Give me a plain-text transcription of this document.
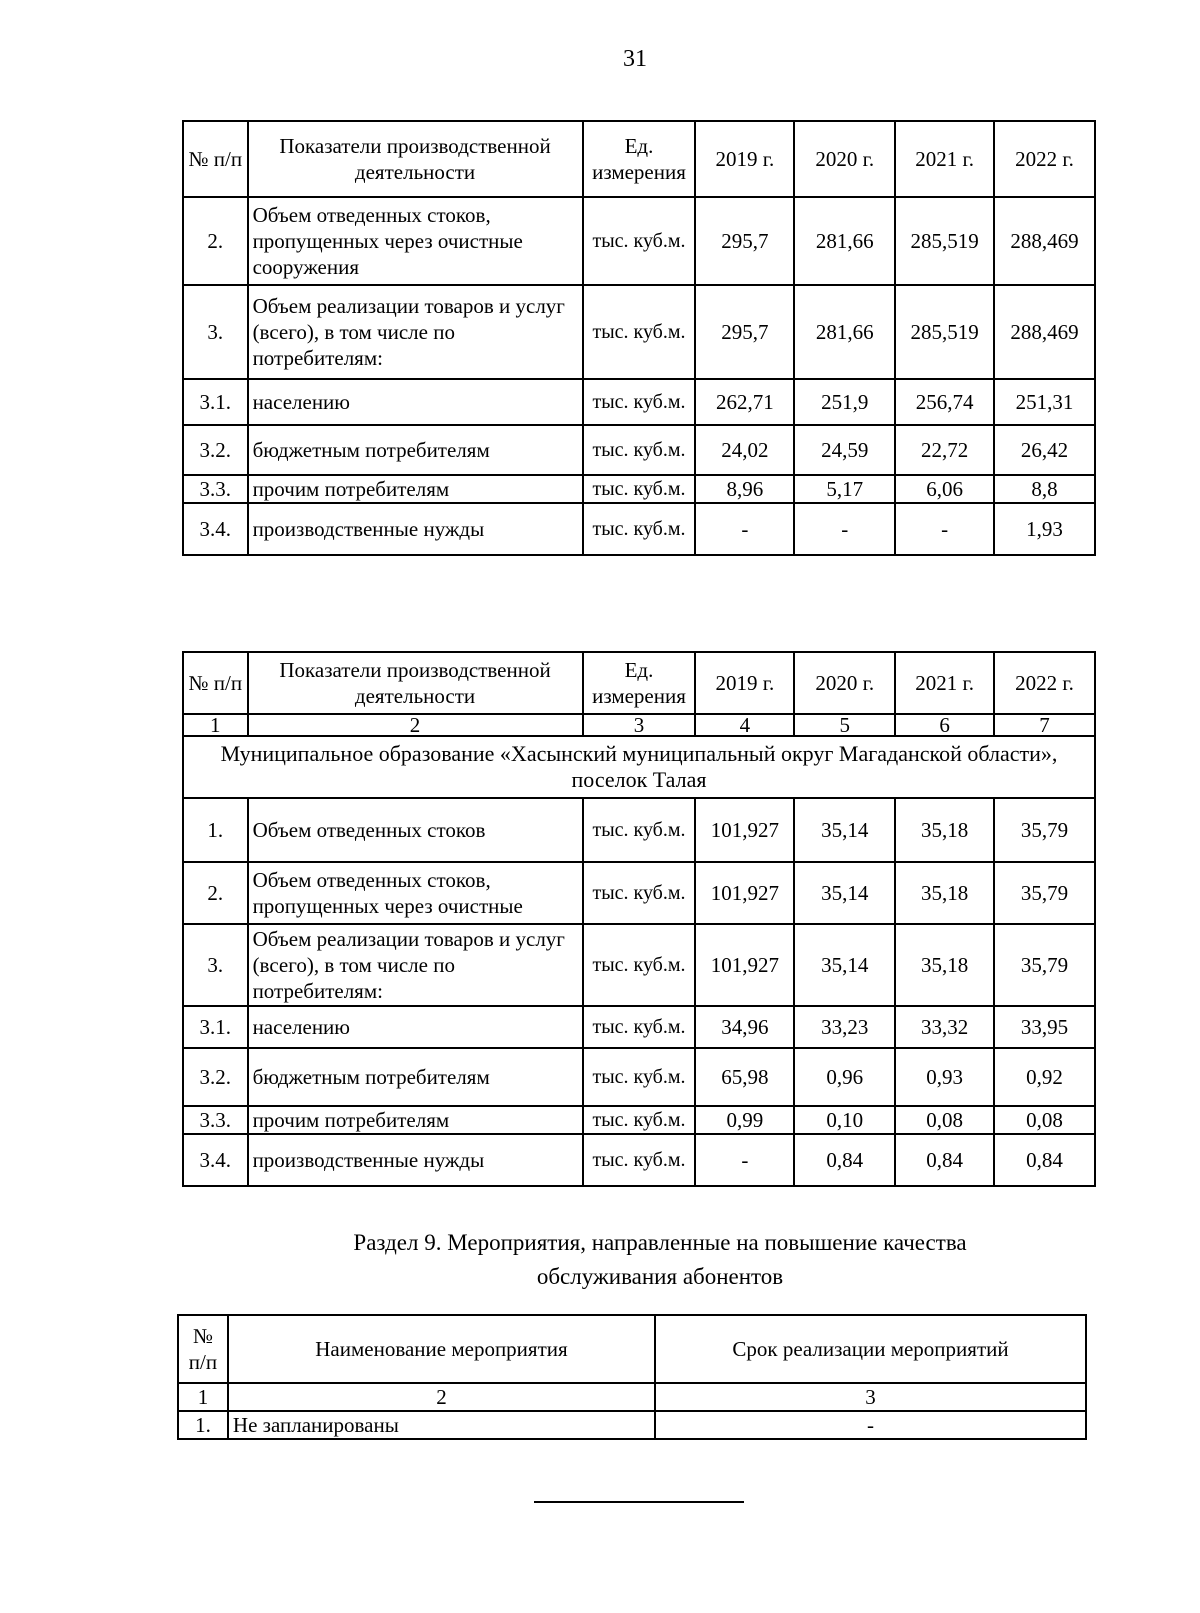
31
№ п/п	Показатели производственной деятельности	Ед. измерения	2019 г.	2020 г.	2021 г.	2022 г.
2.	Объем отведенных стоков, пропущенных через очистные сооружения	тыс. куб.м.	295,7	281,66	285,519	288,469
3.	Объем реализации товаров и услуг (всего), в том числе по потребителям:	тыс. куб.м.	295,7	281,66	285,519	288,469
3.1.	населению	тыс. куб.м.	262,71	251,9	256,74	251,31
3.2.	бюджетным потребителям	тыс. куб.м.	24,02	24,59	22,72	26,42
3.3.	прочим потребителям	тыс. куб.м.	8,96	5,17	6,06	8,8
3.4.	производственные нужды	тыс. куб.м.	-	-	-	1,93
№ п/п	Показатели производственной деятельности	Ед. измерения	2019 г.	2020 г.	2021 г.	2022 г.
1	2	3	4	5	6	7
Муниципальное образование «Хасынский муниципальный округ Магаданской области», поселок Талая						
1.	Объем отведенных стоков	тыс. куб.м.	101,927	35,14	35,18	35,79
2.	Объем отведенных стоков, пропущенных через очистные	тыс. куб.м.	101,927	35,14	35,18	35,79
3.	Объем реализации товаров и услуг (всего), в том числе по потребителям:	тыс. куб.м.	101,927	35,14	35,18	35,79
3.1.	населению	тыс. куб.м.	34,96	33,23	33,32	33,95
3.2.	бюджетным потребителям	тыс. куб.м.	65,98	0,96	0,93	0,92
3.3.	прочим потребителям	тыс. куб.м.	0,99	0,10	0,08	0,08
3.4.	производственные нужды	тыс. куб.м.	-	0,84	0,84	0,84
Раздел 9. Мероприятия, направленные на повышение качества
обслуживания абонентов
№ п/п	Наименование мероприятия	Срок реализации мероприятий
1	2	3
1.	Не запланированы	-
